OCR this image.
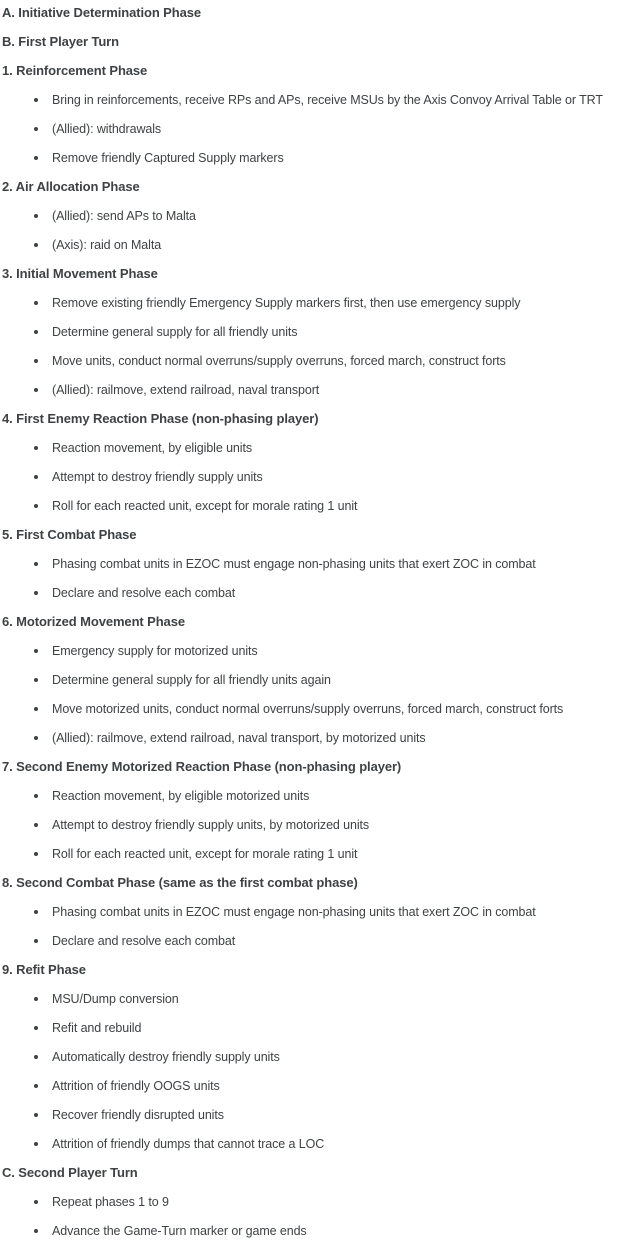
A. Initiative Determination Phase
B. First Player Turn
1. Reinforcement Phase
Bring in reinforcements, receive RPs and APs, receive MSUs by the Axis Convoy Arrival Table or TRT
(Allied): withdrawals
Remove friendly Captured Supply markers
2. Air Allocation Phase
(Allied): send APs to Malta
(Axis): raid on Malta
3. Initial Movement Phase
Remove existing friendly Emergency Supply markers first, then use emergency supply
Determine general supply for all friendly units
Move units, conduct normal overruns/supply overruns, forced march, construct forts
(Allied): railmove, extend railroad, naval transport
4. First Enemy Reaction Phase (non-phasing player)
Reaction movement, by eligible units
Attempt to destroy friendly supply units
Roll for each reacted unit, except for morale rating 1 unit
5. First Combat Phase
Phasing combat units in EZOC must engage non-phasing units that exert ZOC in combat
Declare and resolve each combat
6. Motorized Movement Phase
Emergency supply for motorized units
Determine general supply for all friendly units again
Move motorized units, conduct normal overruns/supply overruns, forced march, construct forts
(Allied): railmove, extend railroad, naval transport, by motorized units
7. Second Enemy Motorized Reaction Phase (non-phasing player)
Reaction movement, by eligible motorized units
Attempt to destroy friendly supply units, by motorized units
Roll for each reacted unit, except for morale rating 1 unit
8. Second Combat Phase (same as the first combat phase)
Phasing combat units in EZOC must engage non-phasing units that exert ZOC in combat
Declare and resolve each combat
9. Refit Phase
MSU/Dump conversion
Refit and rebuild
Automatically destroy friendly supply units
Attrition of friendly OOGS units
Recover friendly disrupted units
Attrition of friendly dumps that cannot trace a LOC
C. Second Player Turn
Repeat phases 1 to 9
Advance the Game-Turn marker or game ends
